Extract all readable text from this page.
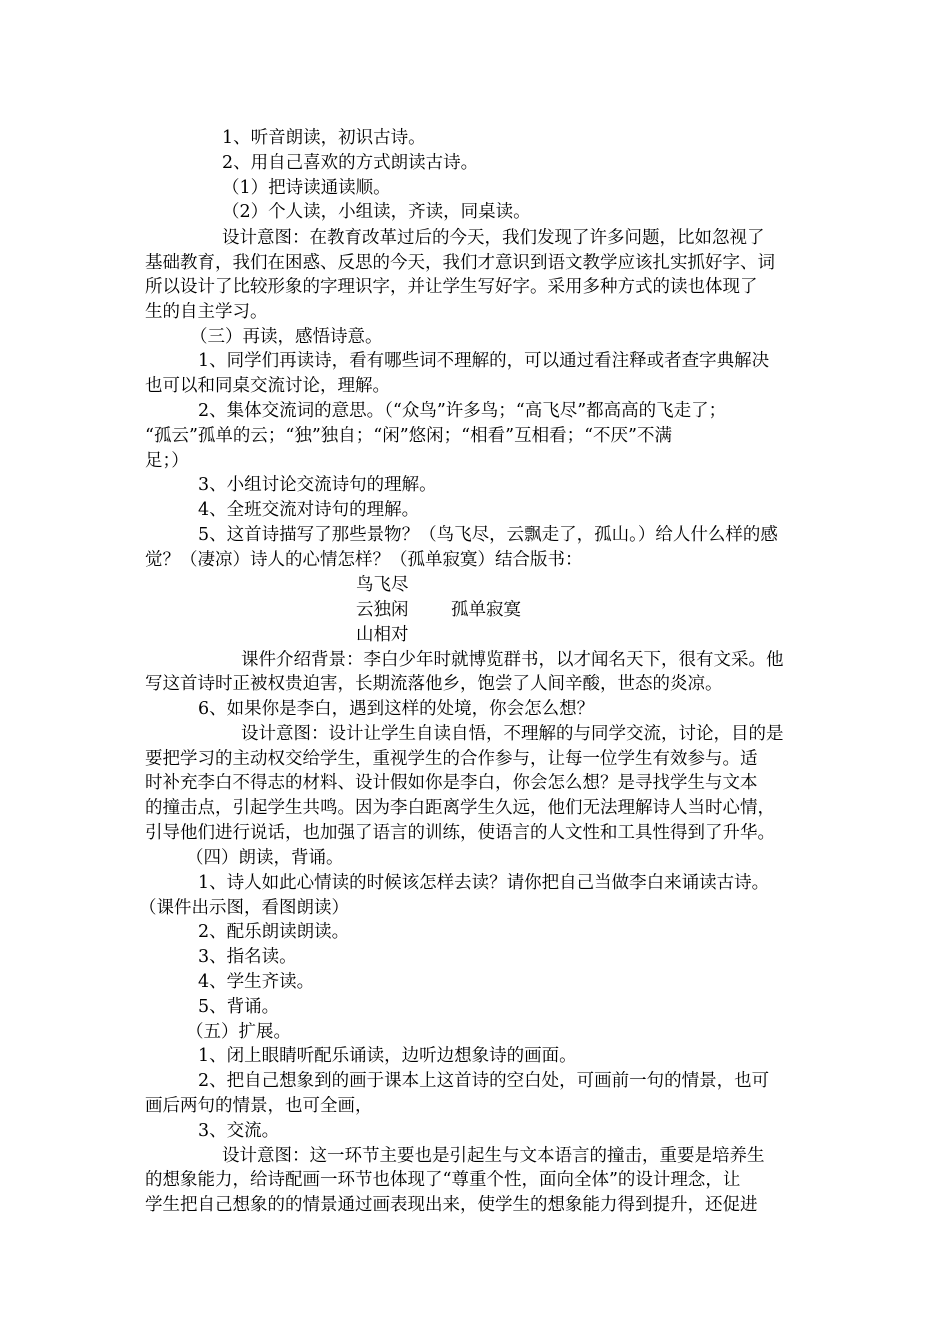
1、听音朗读，初识古诗。
2、用自己喜欢的方式朗读古诗。
（1）把诗读通读顺。
（2）个人读，小组读，齐读，同桌读。
设计意图：在教育改革过后的今天，我们发现了许多问题，比如忽视了
基础教育，我们在困惑、反思的今天，我们才意识到语文教学应该扎实抓好字、词
所以设计了比较形象的字理识字，并让学生写好字。采用多种方式的读也体现了
生的自主学习。
（三）再读，感悟诗意。
1、同学们再读诗，看有哪些词不理解的，可以通过看注释或者查字典解决
也可以和同桌交流讨论，理解。
2、集体交流词的意思。（“众鸟”许多鸟；“高飞尽”都高高的飞走了；
“孤云”孤单的云；“独”独自；“闲”悠闲；“相看”互相看；“不厌”不满
足；）
3、小组讨论交流诗句的理解。
4、全班交流对诗句的理解。
5、这首诗描写了那些景物？（鸟飞尽，云飘走了，孤山。）给人什么样的感
觉？（凄凉）诗人的心情怎样？（孤单寂寞）结合版书：
鸟飞尽
云独闲 孤单寂寞
山相对
课件介绍背景：李白少年时就博览群书，以才闻名天下，很有文采。他
写这首诗时正被权贵迫害，长期流落他乡，饱尝了人间辛酸，世态的炎凉。
6、如果你是李白，遇到这样的处境，你会怎么想？
设计意图：设计让学生自读自悟，不理解的与同学交流，讨论，目的是
要把学习的主动权交给学生，重视学生的合作参与，让每一位学生有效参与。适
时补充李白不得志的材料、设计假如你是李白，你会怎么想？是寻找学生与文本
的撞击点，引起学生共鸣。因为李白距离学生久远，他们无法理解诗人当时心情，
引导他们进行说话，也加强了语言的训练，使语言的人文性和工具性得到了升华。
（四）朗读，背诵。
1、诗人如此心情读的时候该怎样去读？请你把自己当做李白来诵读古诗。
（课件出示图，看图朗读）
2、配乐朗读朗读。
3、指名读。
4、学生齐读。
5、背诵。
（五）扩展。
1、闭上眼睛听配乐诵读，边听边想象诗的画面。
2、把自己想象到的画于课本上这首诗的空白处，可画前一句的情景，也可
画后两句的情景，也可全画，
3、交流。
设计意图：这一环节主要也是引起生与文本语言的撞击，重要是培养生
的想象能力，给诗配画一环节也体现了“尊重个性，面向全体”的设计理念，让
学生把自己想象的的情景通过画表现出来，使学生的想象能力得到提升，还促进
